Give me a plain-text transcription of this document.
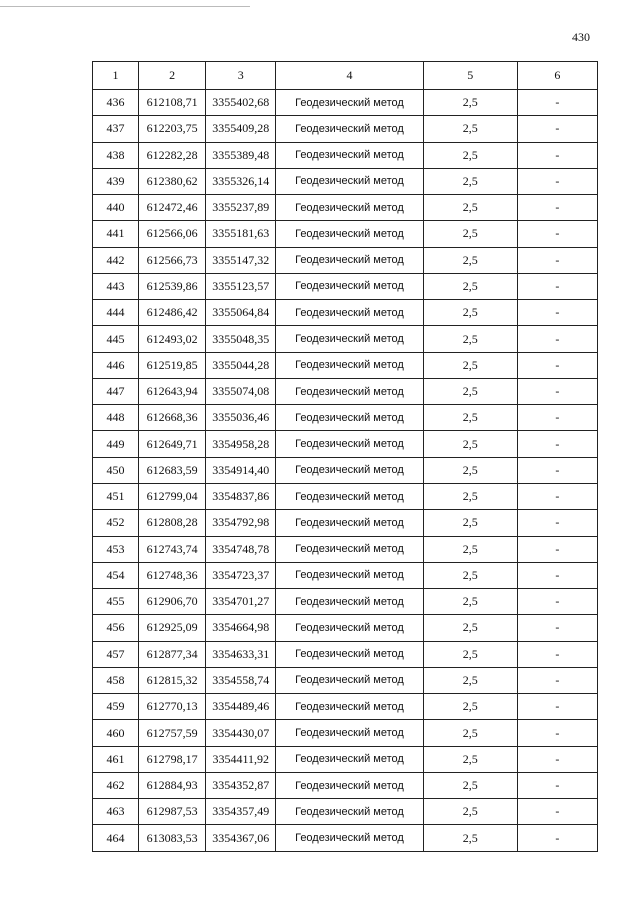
430
1	2	3	4	5	6
436	612108,71	3355402,68	Геодезический метод	2,5	-
437	612203,75	3355409,28	Геодезический метод	2,5	-
438	612282,28	3355389,48	Геодезический метод	2,5	-
439	612380,62	3355326,14	Геодезический метод	2,5	-
440	612472,46	3355237,89	Геодезический метод	2,5	-
441	612566,06	3355181,63	Геодезический метод	2,5	-
442	612566,73	3355147,32	Геодезический метод	2,5	-
443	612539,86	3355123,57	Геодезический метод	2,5	-
444	612486,42	3355064,84	Геодезический метод	2,5	-
445	612493,02	3355048,35	Геодезический метод	2,5	-
446	612519,85	3355044,28	Геодезический метод	2,5	-
447	612643,94	3355074,08	Геодезический метод	2,5	-
448	612668,36	3355036,46	Геодезический метод	2,5	-
449	612649,71	3354958,28	Геодезический метод	2,5	-
450	612683,59	3354914,40	Геодезический метод	2,5	-
451	612799,04	3354837,86	Геодезический метод	2,5	-
452	612808,28	3354792,98	Геодезический метод	2,5	-
453	612743,74	3354748,78	Геодезический метод	2,5	-
454	612748,36	3354723,37	Геодезический метод	2,5	-
455	612906,70	3354701,27	Геодезический метод	2,5	-
456	612925,09	3354664,98	Геодезический метод	2,5	-
457	612877,34	3354633,31	Геодезический метод	2,5	-
458	612815,32	3354558,74	Геодезический метод	2,5	-
459	612770,13	3354489,46	Геодезический метод	2,5	-
460	612757,59	3354430,07	Геодезический метод	2,5	-
461	612798,17	3354411,92	Геодезический метод	2,5	-
462	612884,93	3354352,87	Геодезический метод	2,5	-
463	612987,53	3354357,49	Геодезический метод	2,5	-
464	613083,53	3354367,06	Геодезический метод	2,5	-
